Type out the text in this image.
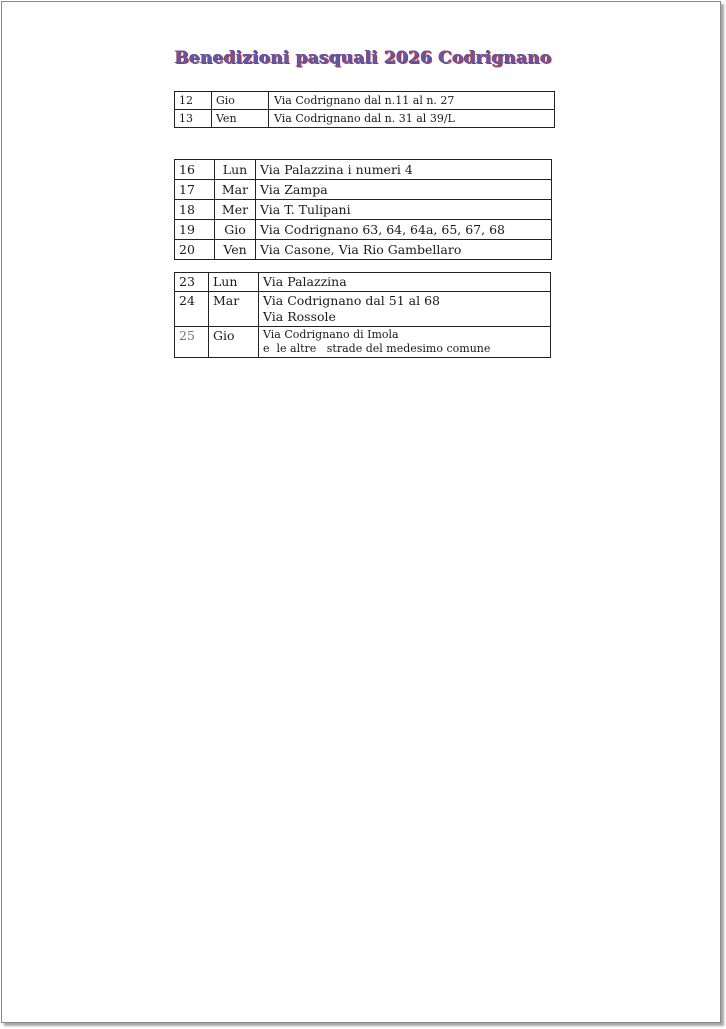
Benedizioni pasquali 2026 Codrignano
12	Gio	Via Codrignano dal n.11 al n. 27
13	Ven	Via Codrignano dal n. 31 al 39/L
16	Lun	Via Palazzina i numeri 4
17	Mar	Via Zampa
18	Mer	Via T. Tulipani
19	Gio	Via Codrignano 63, 64, 64a, 65, 67, 68
20	Ven	Via Casone, Via Rio Gambellaro
23	Lun	Via Palazzina

24	Mar	Via Codrignano dal 51 al 68
Via Rossole

25	Gio	Via Codrignano di Imola
e  le altre   strade del medesimo comune
